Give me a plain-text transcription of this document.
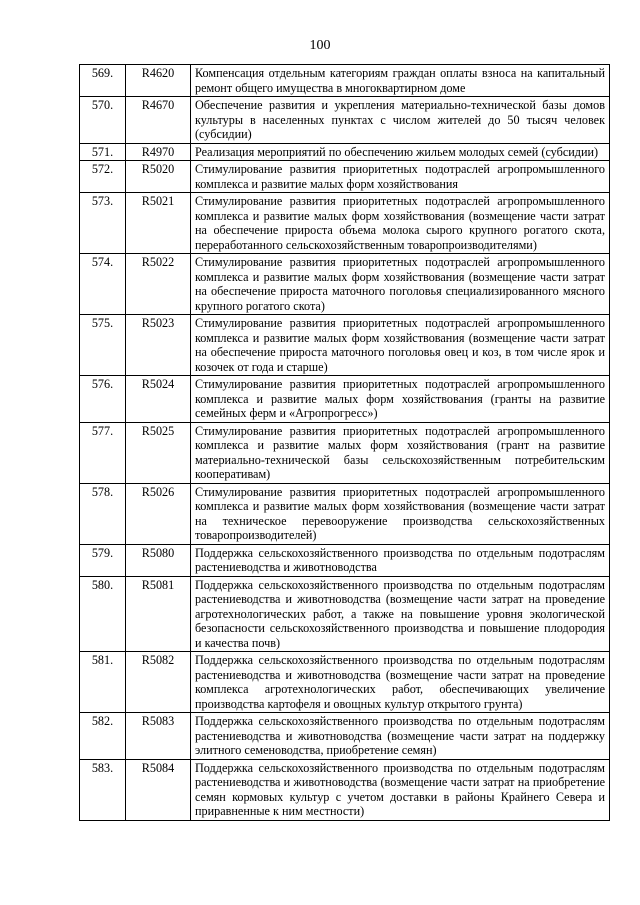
100
569.	R4620	Компенсация отдельным категориям граждан оплаты взноса на капитальный ремонт общего имущества в многоквартирном доме
570.	R4670	Обеспечение развития и укрепления материально-технической базы домов культуры в населенных пунктах с числом жителей до 50 тысяч человек (субсидии)
571.	R4970	Реализация мероприятий по обеспечению жильем молодых семей (субсидии)
572.	R5020	Стимулирование развития приоритетных подотраслей агропромышленного комплекса и развитие малых форм хозяйствования
573.	R5021	Стимулирование развития приоритетных подотраслей агропромышленного комплекса и развитие малых форм хозяйствования (возмещение части затрат на обеспечение прироста объема молока сырого крупного рогатого скота, переработанного сельскохозяйственным товаропроизводителями)
574.	R5022	Стимулирование развития приоритетных подотраслей агропромышленного комплекса и развитие малых форм хозяйствования (возмещение части затрат на обеспечение прироста маточного поголовья специализированного мясного крупного рогатого скота)
575.	R5023	Стимулирование развития приоритетных подотраслей агропромышленного комплекса и развитие малых форм хозяйствования (возмещение части затрат на обеспечение прироста маточного поголовья овец и коз, в том числе ярок и козочек от года и старше)
576.	R5024	Стимулирование развития приоритетных подотраслей агропромышленного комплекса и развитие малых форм хозяйствования (гранты на развитие семейных ферм и «Агропрогресс»)
577.	R5025	Стимулирование развития приоритетных подотраслей агропромышленного комплекса и развитие малых форм хозяйствования (грант на развитие материально-технической базы сельскохозяйственным потребительским кооперативам)
578.	R5026	Стимулирование развития приоритетных подотраслей агропромышленного комплекса и развитие малых форм хозяйствования (возмещение части затрат на техническое перевооружение производства сельскохозяйственных товаропроизводителей)
579.	R5080	Поддержка сельскохозяйственного производства по отдельным подотраслям растениеводства и животноводства
580.	R5081	Поддержка сельскохозяйственного производства по отдельным подотраслям растениеводства и животноводства (возмещение части затрат на проведение агротехнологических работ, а также на повышение уровня экологической безопасности сельскохозяйственного производства и повышение плодородия и качества почв)
581.	R5082	Поддержка сельскохозяйственного производства по отдельным подотраслям растениеводства и животноводства (возмещение части затрат на проведение комплекса агротехнологических работ, обеспечивающих увеличение производства картофеля и овощных культур открытого грунта)
582.	R5083	Поддержка сельскохозяйственного производства по отдельным подотраслям растениеводства и животноводства (возмещение части затрат на поддержку элитного семеноводства, приобретение семян)
583.	R5084	Поддержка сельскохозяйственного производства по отдельным подотраслям растениеводства и животноводства (возмещение части затрат на приобретение семян кормовых культур с учетом доставки в районы Крайнего Севера и приравненные к ним местности)
